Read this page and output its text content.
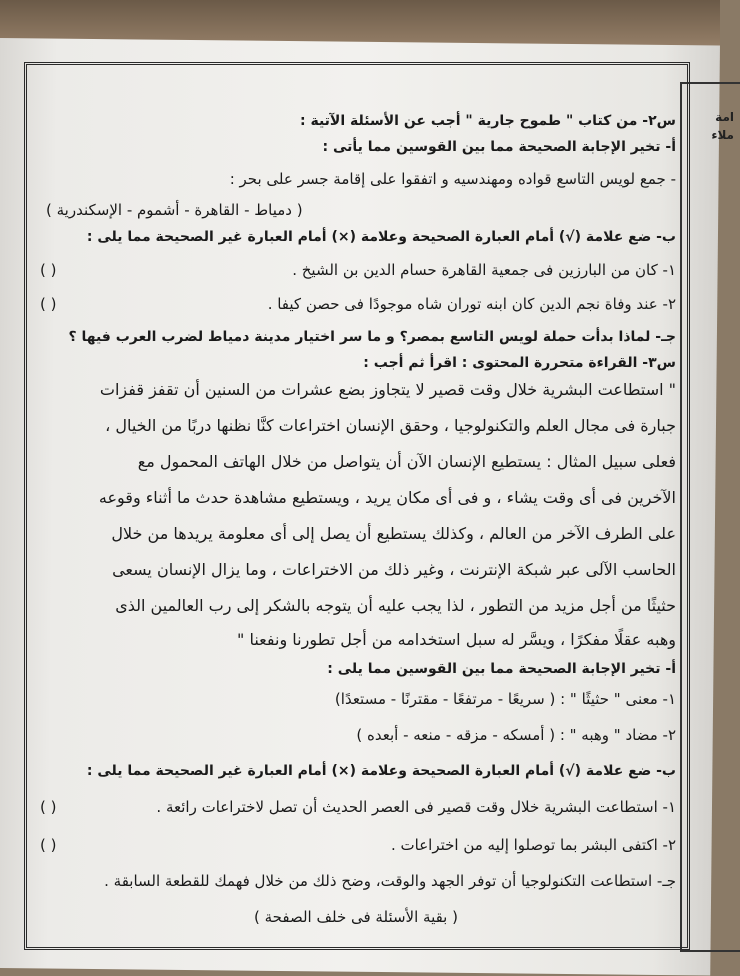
امة
ملاء
س٢- من كتاب " طموح جارية " أجب عن الأسئلة الآتية :
أ- تخير الإجابة الصحيحة مما بين القوسين مما يأتى :
- جمع لويس التاسع قواده ومهندسيه و اتفقوا على إقامة جسر على بحر :
( دمياط - القاهرة - أشموم - الإسكندرية )
ب- ضع علامة (√) أمام العبارة الصحيحة وعلامة (×) أمام العبارة غير الصحيحة مما يلى :
١- كان من البارزين فى جمعية القاهرة حسام الدين بن الشيخ .
( )
٢- عند وفاة نجم الدين كان ابنه توران شاه موجودًا فى حصن كيفا .
( )
جـ- لماذا بدأت حملة لويس التاسع بمصر؟ و ما سر اختيار مدينة دمياط لضرب العرب فيها ؟
س٣- القراءة متحررة المحتوى : اقرأ ثم أجب :
" استطاعت البشرية خلال وقت قصير لا يتجاوز بضع عشرات من السنين أن تقفز قفزات
جبارة فى مجال العلم والتكنولوجيا ، وحقق الإنسان اختراعات كنَّا نظنها دربًا من الخيال ،
فعلى سبيل المثال : يستطيع الإنسان الآن أن يتواصل من خلال الهاتف المحمول مع
الآخرين فى أى وقت يشاء ، و فى أى مكان يريد ، ويستطيع مشاهدة حدث ما أثناء وقوعه
على الطرف الآخر من العالم ، وكذلك يستطيع أن يصل إلى أى معلومة يريدها من خلال
الحاسب الآلى عبر شبكة الإنترنت ، وغير ذلك من الاختراعات ، وما يزال الإنسان يسعى
حثيثًا من أجل مزيد من التطور ، لذا يجب عليه أن يتوجه بالشكر إلى رب العالمين الذى
وهبه عقلًا مفكرًا ، ويسَّر له سبل استخدامه من أجل تطورنا ونفعنا "
أ- تخير الإجابة الصحيحة مما بين القوسين مما يلى :
١- معنى " حثيثًا " : ( سريعًا - مرتفعًا - مقترنًا - مستعدًا)
٢- مضاد " وهبه " : ( أمسكه - مزقه - منعه - أبعده )
ب- ضع علامة (√) أمام العبارة الصحيحة وعلامة (×) أمام العبارة غير الصحيحة مما يلى :
١- استطاعت البشرية خلال وقت قصير فى العصر الحديث أن تصل لاختراعات رائعة .
( )
٢- اكتفى البشر بما توصلوا إليه من اختراعات .
( )
جـ- استطاعت التكنولوجيا أن توفر الجهد والوقت، وضح ذلك من خلال فهمك للقطعة السابقة .
( بقية الأسئلة فى خلف الصفحة )
